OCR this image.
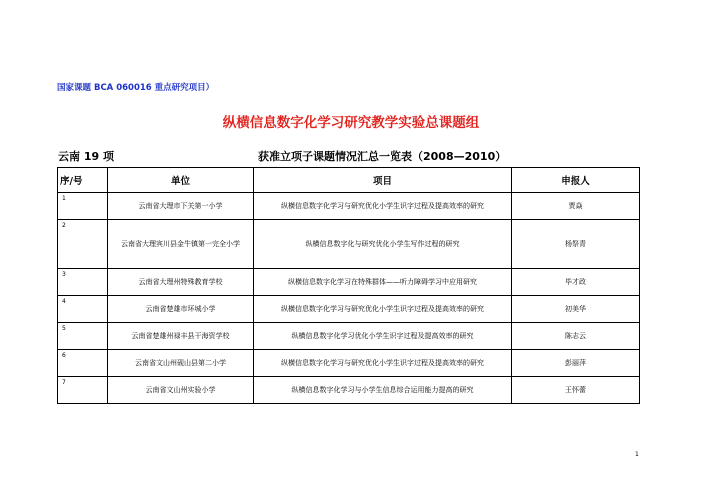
国家课题 BCA 060016 重点研究项目）
纵横信息数字化学习研究教学实验总课题组
云南 19 项	获准立项子课题情况汇总一览表（2008—2010）
序/号	单位	项目	申报人
1	云南省大理市下关第一小学	纵横信息数字化学习与研究优化小学生识字过程及提高效率的研究	贾焱
2	云南省大理宾川县金牛镇第一完全小学	纵横信息数字化与研究优化小学生写作过程的研究	杨祭青
3	云南省大理州特殊教育学校	纵横信息数字化学习在特殊群体——听力障碍学习中应用研究	毕才政
4	云南省楚雄市环城小学	纵横信息数字化学习与研究优化小学生识字过程及提高效率的研究	初美华
5	云南省楚雄州禄丰县干海资学校	纵横信息数字化学习优化小学生识字过程及提高效率的研究	陈志云
6	云南省文山州砚山县第二小学	纵横信息数字化学习与研究优化小学生识字过程及提高效率的研究	彭丽萍
7	云南省文山州实验小学	纵横信息数字化学习与小学生信息综合运用能力提高的研究	王怀蕾
1
